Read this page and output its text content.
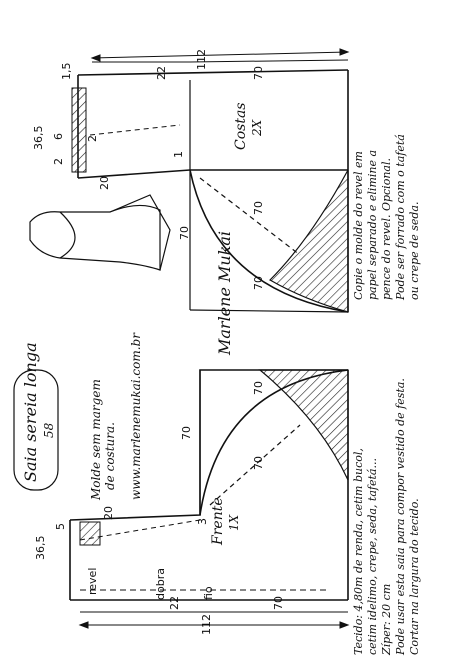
Saia sereia longa 58	Molde sem margem de costura. www.marlenemukai.com.br
Marlene Mukai
Costas 2X
112
70
22
1,5
36,5 6 2
2
20
70
70
70
1
Frente 1X
dobra	fio
revel
112
70
22
5
36,5
20
70
70
70
3
Copie o molde do revel em papel separado e elimine a pence do revel. Opcional. Pode ser forrado com o tafetá ou crepe de seda.
Tecido: 4,80m de renda, cetim bucol, cetim idelimo, crepe, seda, tafetá... Zíper: 20 cm Pode usar esta saia para compor vestido de festa. Cortar na largura do tecido.
